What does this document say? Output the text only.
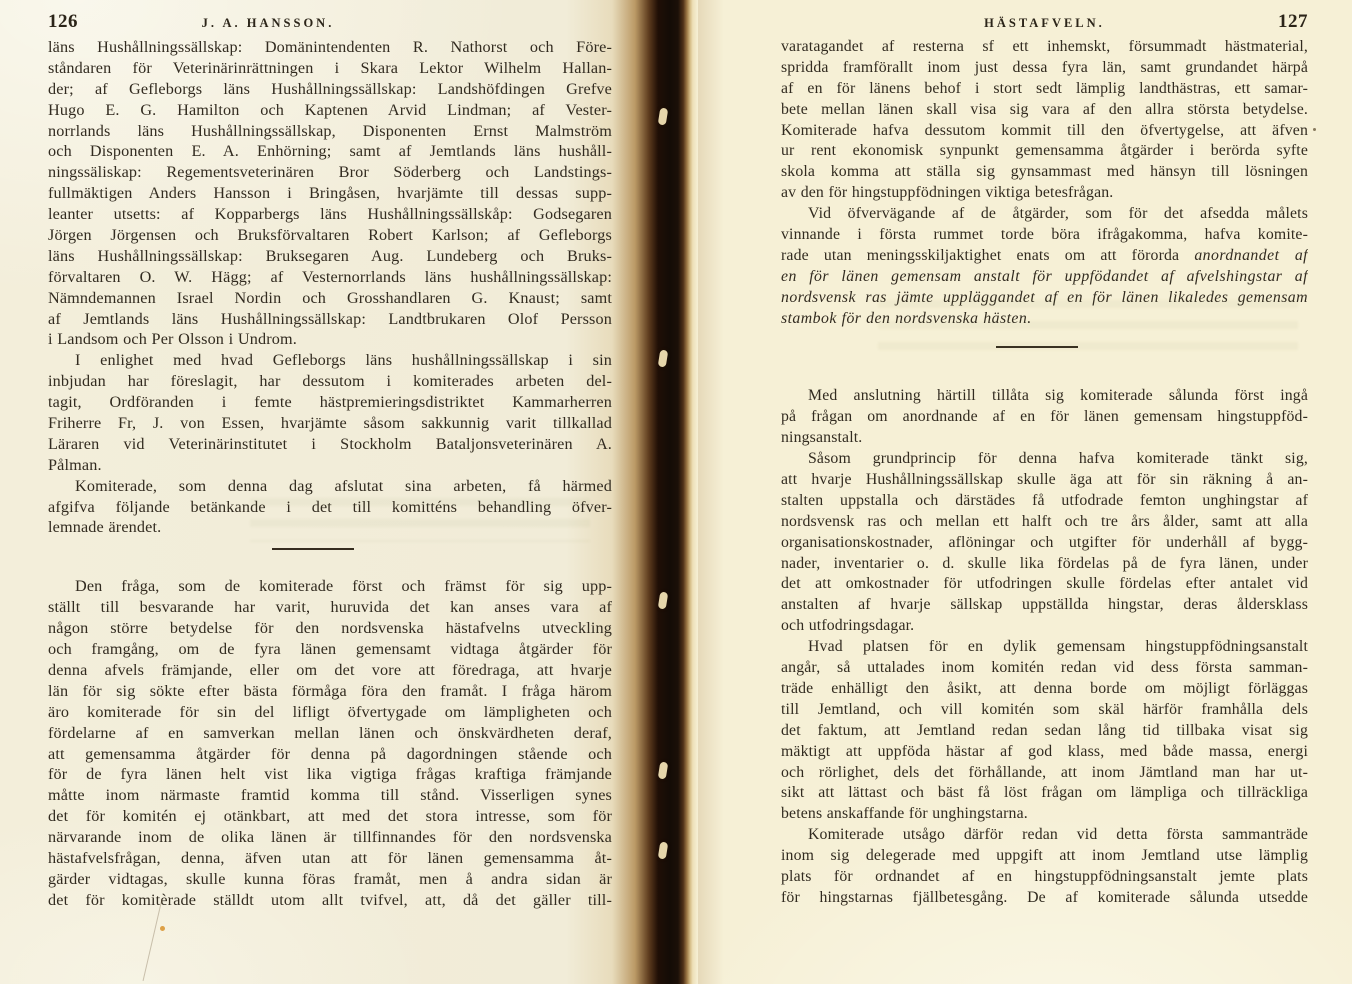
126	J. A. HANSSON.
läns Hushållningssällskap: Domänintendenten R. Nathorst och Före-
ståndaren för Veterinärinrättningen i Skara Lektor Wilhelm Hallan-
der; af Gefleborgs läns Hushållningssällskap: Landshöfdingen Grefve
Hugo E. G. Hamilton och Kaptenen Arvid Lindman; af Vester-
norrlands läns Hushållningssällskap, Disponenten Ernst Malmström
och Disponenten E. A. Enhörning; samt af Jemtlands läns hushåll-
ningssäliskap: Regementsveterinären Bror Söderberg och Landstings-
fullmäktigen Anders Hansson i Bringåsen, hvarjämte till dessas supp-
leanter utsetts: af Kopparbergs läns Hushållningssällskåp: Godsegaren
Jörgen Jörgensen och Bruksförvaltaren Robert Karlson; af Gefleborgs
läns Hushållningssällskap: Bruksegaren Aug. Lundeberg och Bruks-
förvaltaren O. W. Hägg; af Vesternorrlands läns hushållningssällskap:
Nämndemannen Israel Nordin och Grosshandlaren G. Knaust; samt
af Jemtlands läns Hushållningssällskap: Landtbrukaren Olof Persson
i Landsom och Per Olsson i Undrom.
I enlighet med hvad Gefleborgs läns hushållningssällskap i sin
inbjudan har föreslagit, har dessutom i komiterades arbeten del-
tagit, Ordföranden i femte hästpremieringsdistriktet Kammarherren
Friherre Fr, J. von Essen, hvarjämte såsom sakkunnig varit tillkallad
Läraren vid Veterinärinstitutet i Stockholm Bataljonsveterinären A.
Pålman.
Komiterade, som denna dag afslutat sina arbeten, få härmed
afgifva följande betänkande i det till komitténs behandling öfver-
lemnade ärendet.
Den fråga, som de komiterade först och främst för sig upp-
ställt till besvarande har varit, huruvida det kan anses vara af
någon större betydelse för den nordsvenska hästafvelns utveckling
och framgång, om de fyra länen gemensamt vidtaga åtgärder för
denna afvels främjande, eller om det vore att föredraga, att hvarje
län för sig sökte efter bästa förmåga föra den framåt. I fråga härom
äro komiterade för sin del lifligt öfvertygade om lämpligheten och
fördelarne af en samverkan mellan länen och önskvärdheten deraf,
att gemensamma åtgärder för denna på dagordningen stående och
för de fyra länen helt vist lika vigtiga frågas kraftiga främjande
måtte inom närmaste framtid komma till stånd. Visserligen synes
det för komitén ej otänkbart, att med det stora intresse, som för
närvarande inom de olika länen är tillfinnandes för den nordsvenska
hästafvelsfrågan, denna, äfven utan att för länen gemensamma åt-
gärder vidtagas, skulle kunna föras framåt, men å andra sidan är
det för komitèrade ställdt utom allt tvifvel, att, då det gäller till-
HÄSTAFVELN.	127
varatagandet af resterna sf ett inhemskt, försummadt hästmaterial,
spridda framförallt inom just dessa fyra län, samt grundandet härpå
af en för länens behof i stort sedt lämplig landthästras, ett samar-
bete mellan länen skall visa sig vara af den allra största betydelse.
Komiterade hafva dessutom kommit till den öfvertygelse, att äfven
ur rent ekonomisk synpunkt gemensamma åtgärder i berörda syfte
skola komma att ställa sig gynsammast med hänsyn till lösningen
av den för hingstuppfödningen viktiga betesfrågan.
Vid öfvervägande af de åtgärder, som för det afsedda målets
vinnande i första rummet torde böra ifrågakomma, hafva komite-
rade utan meningsskiljaktighet enats om att förorda anordnandet af
en för länen gemensam anstalt för uppfödandet af afvelshingstar af
nordsvensk ras jämte uppläggandet af en för länen likaledes gemensam
stambok för den nordsvenska hästen.
Med anslutning härtill tillåta sig komiterade sålunda först ingå
på frågan om anordnande af en för länen gemensam hingstuppföd-
ningsanstalt.
Såsom grundprincip för denna hafva komiterade tänkt sig,
att hvarje Hushållningssällskap skulle äga att för sin räkning å an-
stalten uppstalla och därstädes få utfodrade femton unghingstar af
nordsvensk ras och mellan ett halft och tre års ålder, samt att alla
organisationskostnader, aflöningar och utgifter för underhåll af bygg-
nader, inventarier o. d. skulle lika fördelas på de fyra länen, under
det att omkostnader för utfodringen skulle fördelas efter antalet vid
anstalten af hvarje sällskap uppställda hingstar, deras åldersklass
och utfodringsdagar.
Hvad platsen för en dylik gemensam hingstuppfödningsanstalt
angår, så uttalades inom komitén redan vid dess första samman-
träde enhälligt den åsikt, att denna borde om möjligt förläggas
till Jemtland, och vill komitén som skäl härför framhålla dels
det faktum, att Jemtland redan sedan lång tid tillbaka visat sig
mäktigt att uppföda hästar af god klass, med både massa, energi
och rörlighet, dels det förhållande, att inom Jämtland man har ut-
sikt att lättast och bäst få löst frågan om lämpliga och tillräckliga
betens anskaffande för unghingstarna.
Komiterade utsågo därför redan vid detta första sammanträde
inom sig delegerade med uppgift att inom Jemtland utse lämplig
plats för ordnandet af en hingstuppfödningsanstalt jemte plats
för hingstarnas fjällbetesgång. De af komiterade sålunda utsedde
